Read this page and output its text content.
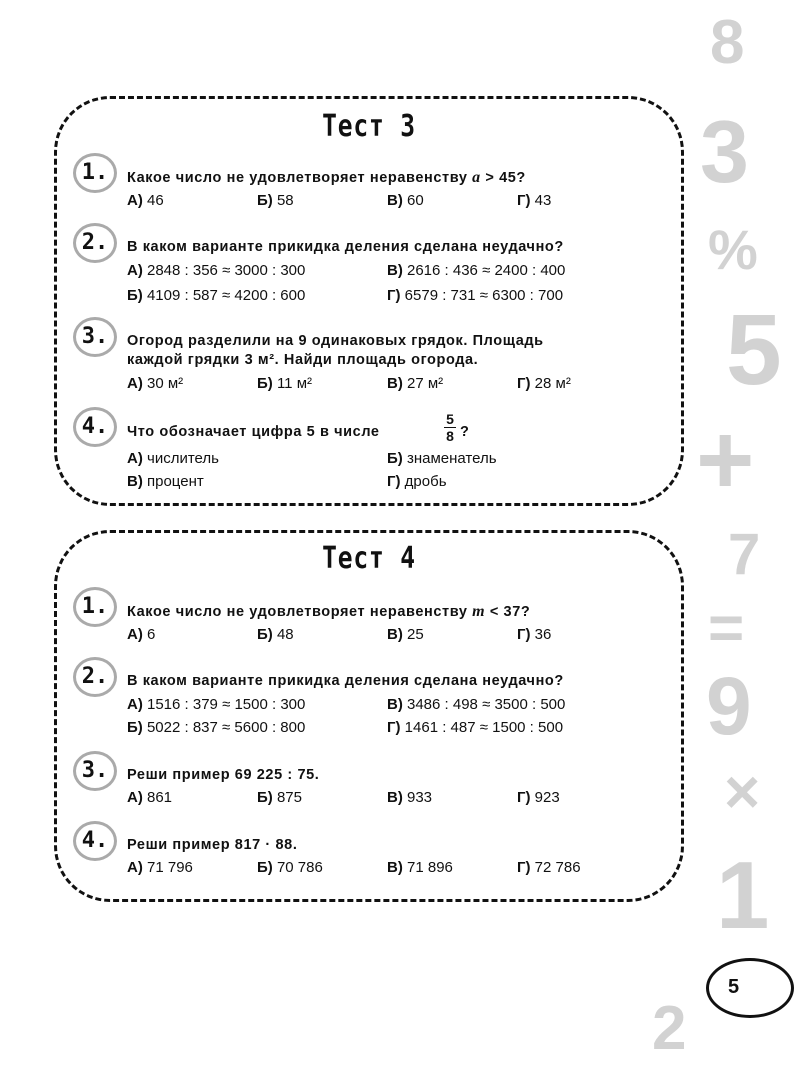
8
3
%
5
+
7
=
9
×
1
2
5
Тест 3
1.	Какое число не удовлетворяет неравенству a > 45?
А) 46	Б) 58	В) 60	Г) 43
2.	В каком варианте прикидка деления сделана неудачно?
А) 2848 : 356 ≈ 3000 : 300	В) 2616 : 436 ≈ 2400 : 400
Б) 4109 : 587 ≈ 4200 : 600	Г) 6579 : 731 ≈ 6300 : 700
3.	Огород разделили на 9 одинаковых грядок. Площадь
каждой грядки 3 м². Найди площадь огорода.
А) 30 м²	Б) 11 м²	В) 27 м²	Г) 28 м²
4.	Что обозначает цифра 5 в числе
5
8 ?
А) числитель	Б) знаменатель
В) процент	Г) дробь
Тест 4
1.	Какое число не удовлетворяет неравенству m < 37?
А) 6	Б) 48	В) 25	Г) 36
2.	В каком варианте прикидка деления сделана неудачно?
А) 1516 : 379 ≈ 1500 : 300	В) 3486 : 498 ≈ 3500 : 500
Б) 5022 : 837 ≈ 5600 : 800	Г) 1461 : 487 ≈ 1500 : 500
3.	Реши пример 69 225 : 75.
А) 861	Б) 875	В) 933	Г) 923
4.	Реши пример 817 · 88.
А) 71 796	Б) 70 786	В) 71 896	Г) 72 786
